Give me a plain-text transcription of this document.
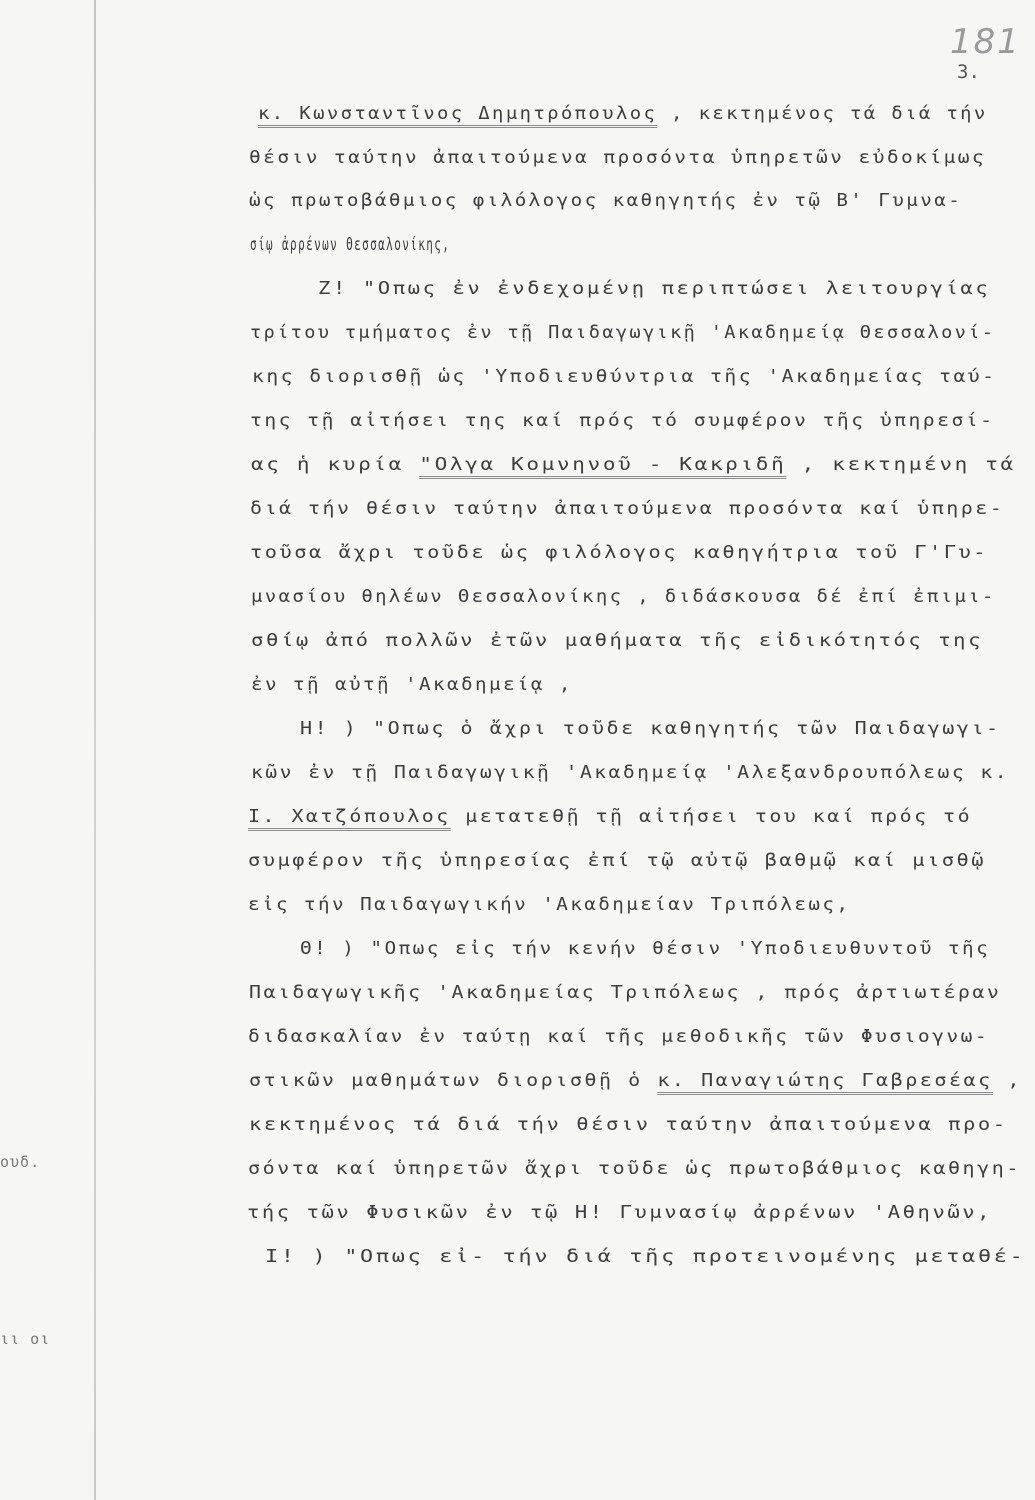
ουδ.
ιι οι
181
3.
κ. Κωνσταντῖνος Δημητρόπουλος , κεκτημένος τά διά τήν
θέσιν ταύτην ἀπαιτούμενα προσόντα ὑπηρετῶν εὐδοκίμως
ὡς πρωτοβάθμιος φιλόλογος καθηγητής ἐν τῷ Β' Γυμνα-
σίῳ ἀρρένων Θεσσαλονίκης,
Ζ! "Οπως ἐν ἐνδεχομένῃ περιπτώσει λειτουργίας
τρίτου τμήματος ἐν τῇ Παιδαγωγικῇ 'Ακαδημείᾳ Θεσσαλονί-
κης διορισθῇ ὡς 'Υποδιευθύντρια τῆς 'Ακαδημείας ταύ-
της τῇ αἰτήσει της καί πρός τό συμφέρον τῆς ὑπηρεσί-
ας ἡ κυρία "Ολγα Κομνηνοῦ - Κακριδῆ , κεκτημένη τά
διά τήν θέσιν ταύτην ἀπαιτούμενα προσόντα καί ὑπηρε-
τοῦσα ἄχρι τοῦδε ὡς φιλόλογος καθηγήτρια τοῦ Γ'Γυ-
μνασίου θηλέων Θεσσαλονίκης , διδάσκουσα δέ ἐπί ἐπιμι-
σθίῳ ἀπό πολλῶν ἐτῶν μαθήματα τῆς εἰδικότητός της
ἐν τῇ αὐτῇ 'Ακαδημείᾳ ,
Η! ) "Οπως ὁ ἄχρι τοῦδε καθηγητής τῶν Παιδαγωγι-
κῶν ἐν τῇ Παιδαγωγικῇ 'Ακαδημείᾳ 'Αλεξανδρουπόλεως κ.
Ι. Χατζόπουλος μετατεθῇ τῇ αἰτήσει του καί πρός τό
συμφέρον τῆς ὑπηρεσίας ἐπί τῷ αὐτῷ βαθμῷ καί μισθῷ
εἰς τήν Παιδαγωγικήν 'Ακαδημείαν Τριπόλεως,
Θ! ) "Οπως εἰς τήν κενήν θέσιν 'Υποδιευθυντοῦ τῆς
Παιδαγωγικῆς 'Ακαδημείας Τριπόλεως , πρός ἀρτιωτέραν
διδασκαλίαν ἐν ταύτῃ καί τῆς μεθοδικῆς τῶν Φυσιογνω-
στικῶν μαθημάτων διορισθῇ ὁ κ. Παναγιώτης Γαβρεσέας ,
κεκτημένος τά διά τήν θέσιν ταύτην ἀπαιτούμενα προ-
σόντα καί ὑπηρετῶν ἄχρι τοῦδε ὡς πρωτοβάθμιος καθηγη-
τής τῶν Φυσικῶν ἐν τῷ Η! Γυμνασίῳ ἀρρένων 'Αθηνῶν,
Ι! ) "Οπως εἰ- τήν διά τῆς προτεινομένης μεταθέ-
